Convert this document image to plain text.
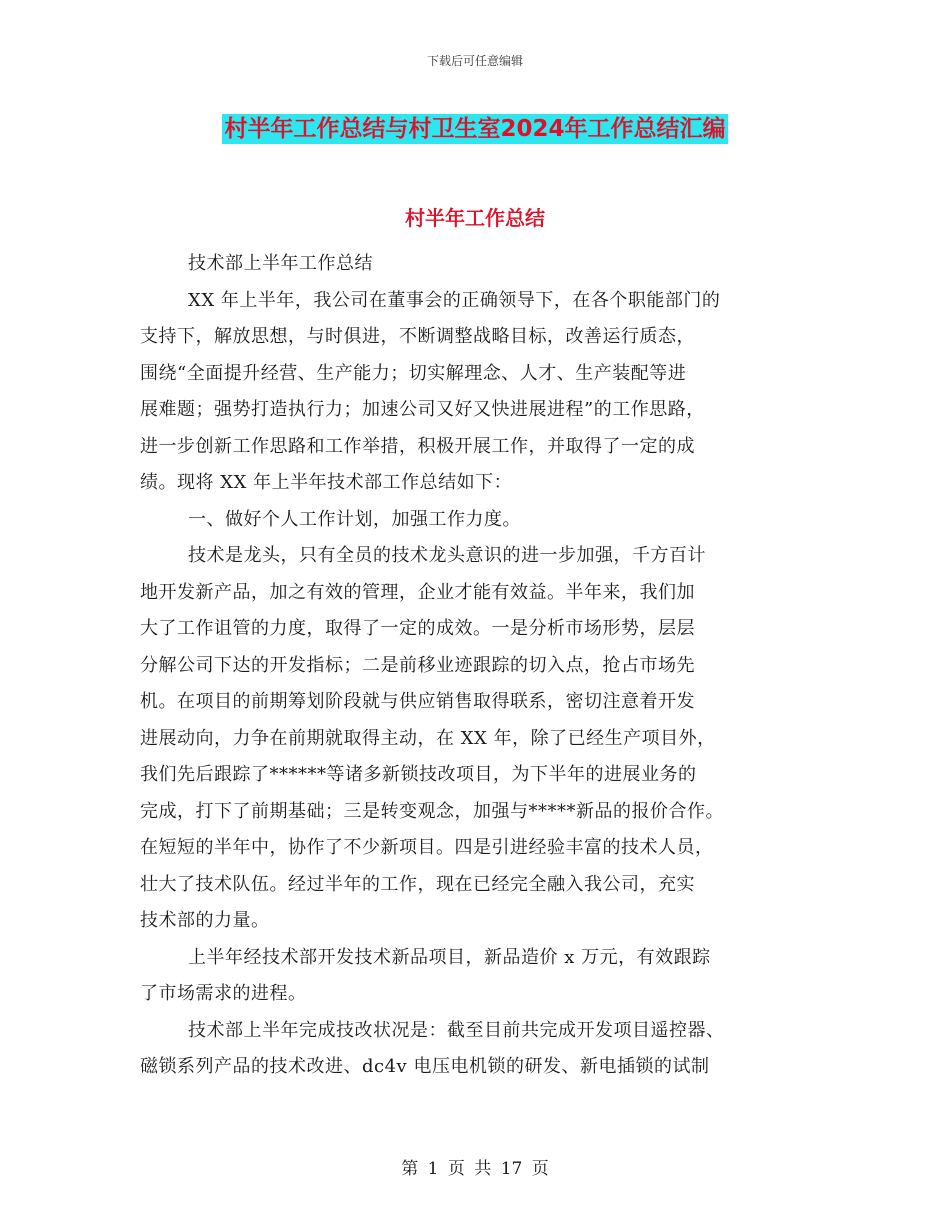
下载后可任意编辑
村半年工作总结与村卫生室2024年工作总结汇编
村半年工作总结

技术部上半年工作总结

XX 年上半年，我公司在董事会的正确领导下，在各个职能部门的
支持下，解放思想，与时俱进，不断调整战略目标，改善运行质态，
围绕“全面提升经营、生产能力；切实解理念、人才、生产装配等进
展难题；强势打造执行力；加速公司又好又快进展进程”的工作思路，
进一步创新工作思路和工作举措，积极开展工作，并取得了一定的成
绩。现将 XX 年上半年技术部工作总结如下：

一、做好个人工作计划，加强工作力度。

技术是龙头，只有全员的技术龙头意识的进一步加强，千方百计
地开发新产品，加之有效的管理，企业才能有效益。半年来，我们加
大了工作诅管的力度，取得了一定的成效。一是分析市场形势，层层
分解公司下达的开发指标；二是前移业迹跟踪的切入点，抢占市场先
机。在项目的前期筹划阶段就与供应销售取得联系，密切注意着开发
进展动向，力争在前期就取得主动，在 XX 年，除了已经生产项目外，
我们先后跟踪了******等诸多新锁技改项目，为下半年的进展业务的
完成，打下了前期基础；三是转变观念，加强与*****新品的报价合作。
在短短的半年中，协作了不少新项目。四是引进经验丰富的技术人员，
壮大了技术队伍。经过半年的工作，现在已经完全融入我公司，充实
技术部的力量。

上半年经技术部开发技术新品项目，新品造价 x 万元，有效跟踪
了市场需求的进程。

技术部上半年完成技改状况是：截至目前共完成开发项目遥控器、
磁锁系列产品的技术改进、dc4v 电压电机锁的研发、新电插锁的试制

第 1 页 共 17 页
